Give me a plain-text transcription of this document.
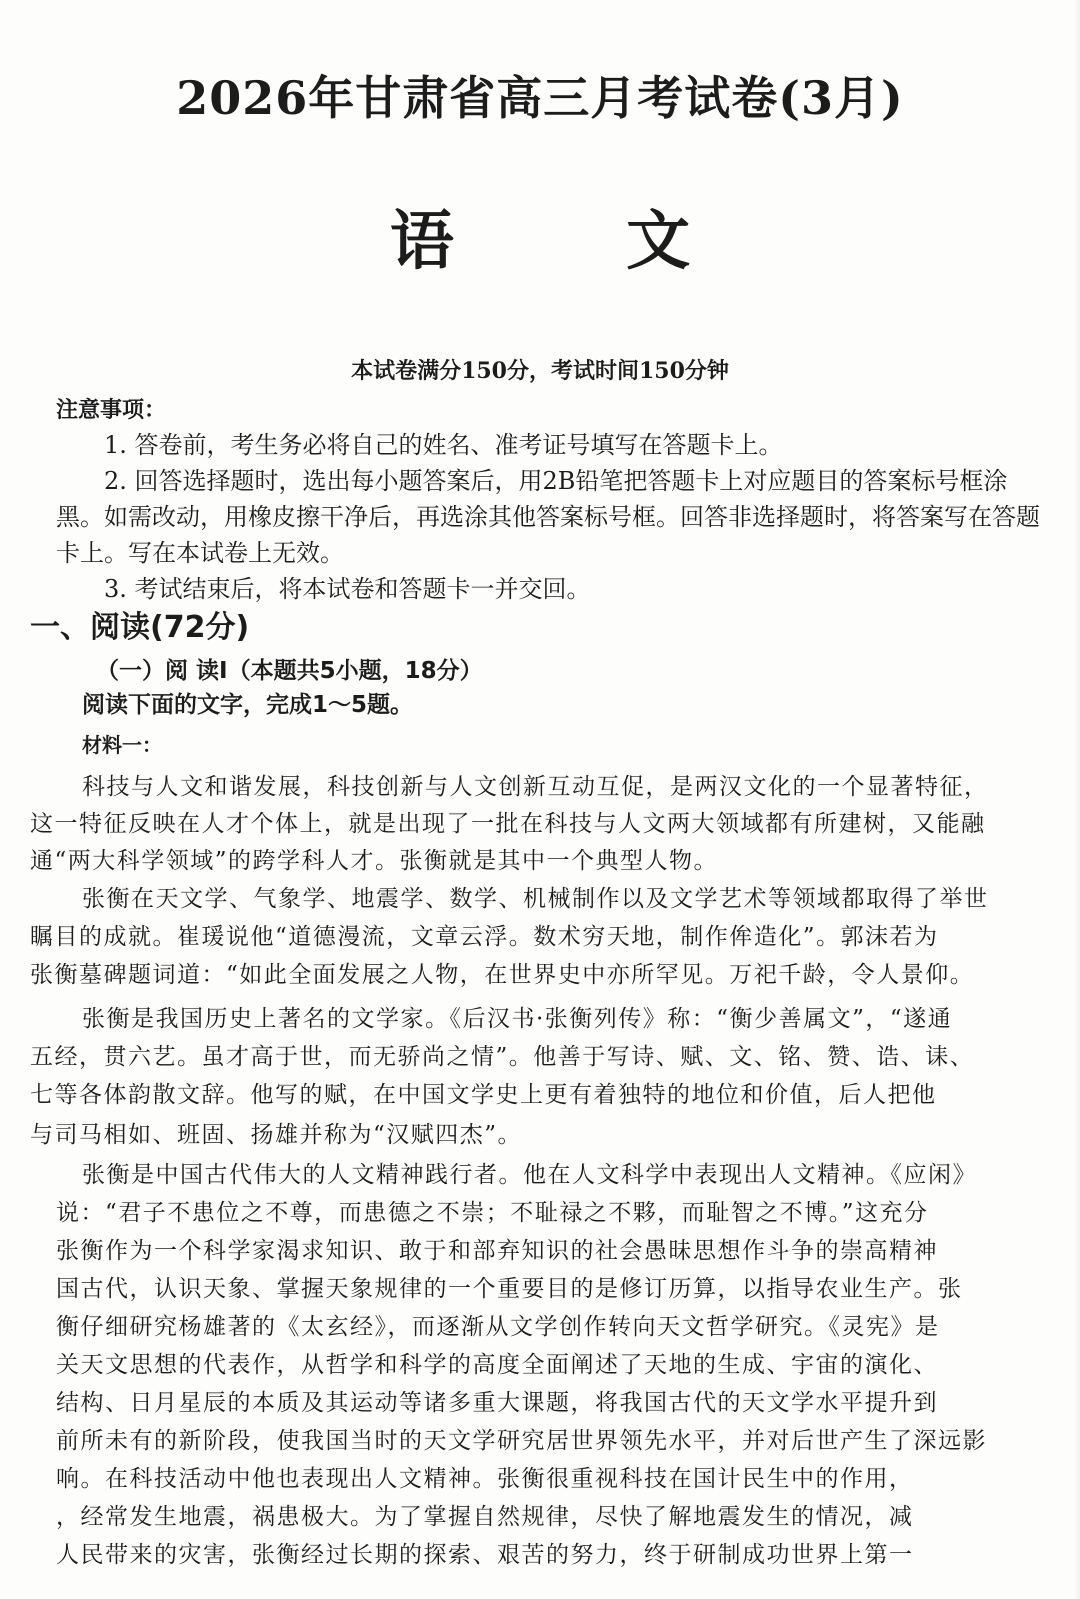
2026年甘肃省高三月考试卷(3月)
语 文
本试卷满分150分，考试时间150分钟
注意事项：
1. 答卷前，考生务必将自己的姓名、准考证号填写在答题卡上。
2. 回答选择题时，选出每小题答案后，用2B铅笔把答题卡上对应题目的答案标号框涂
黑。如需改动，用橡皮擦干净后，再选涂其他答案标号框。回答非选择题时，将答案写在答题
卡上。写在本试卷上无效。
3. 考试结束后，将本试卷和答题卡一并交回。
一、阅读(72分)
（一）阅 读Ⅰ（本题共5小题，18分）
阅读下面的文字，完成1～5题。
材料一：
科技与人文和谐发展，科技创新与人文创新互动互促，是两汉文化的一个显著特征，
这一特征反映在人才个体上，就是出现了一批在科技与人文两大领域都有所建树，又能融
通“两大科学领域”的跨学科人才。张衡就是其中一个典型人物。
张衡在天文学、气象学、地震学、数学、机械制作以及文学艺术等领域都取得了举世
瞩目的成就。崔瑗说他“道德漫流，文章云浮。数术穷天地，制作侔造化”。郭沫若为
张衡墓碑题词道：“如此全面发展之人物，在世界史中亦所罕见。万祀千龄，令人景仰。
张衡是我国历史上著名的文学家。《后汉书·张衡列传》称：“衡少善属文”，“遂通
五经，贯六艺。虽才高于世，而无骄尚之情”。他善于写诗、赋、文、铭、赞、诰、诔、
七等各体韵散文辞。他写的赋，在中国文学史上更有着独特的地位和价值，后人把他
与司马相如、班固、扬雄并称为“汉赋四杰”。
张衡是中国古代伟大的人文精神践行者。他在人文科学中表现出人文精神。《应闲》
说：“君子不患位之不尊，而患德之不崇；不耻禄之不夥，而耻智之不博。”这充分
张衡作为一个科学家渴求知识、敢于和部弃知识的社会愚昧思想作斗争的崇高精神
国古代，认识天象、掌握天象规律的一个重要目的是修订历算，以指导农业生产。张
衡仔细研究杨雄著的《太玄经》，而逐渐从文学创作转向天文哲学研究。《灵宪》是
关天文思想的代表作，从哲学和科学的高度全面阐述了天地的生成、宇宙的演化、
结构、日月星辰的本质及其运动等诸多重大课题，将我国古代的天文学水平提升到
前所未有的新阶段，使我国当时的天文学研究居世界领先水平，并对后世产生了深远影
响。在科技活动中他也表现出人文精神。张衡很重视科技在国计民生中的作用，
，经常发生地震，祸患极大。为了掌握自然规律，尽快了解地震发生的情况，减
人民带来的灾害，张衡经过长期的探索、艰苦的努力，终于研制成功世界上第一
